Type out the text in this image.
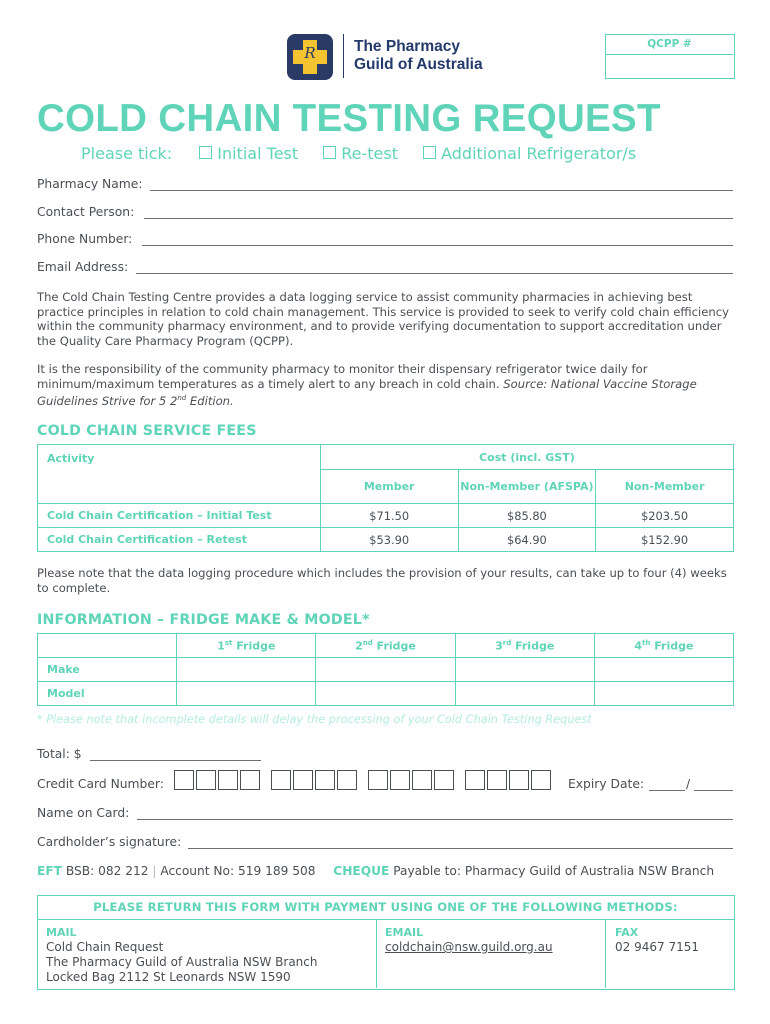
R	The Pharmacy
Guild of Australia
QCPP #
COLD CHAIN TESTING REQUEST
Please tick:	Initial Test	Re-test	Additional Refrigerator/s
Pharmacy Name:
Contact Person:
Phone Number:
Email Address:

The Cold Chain Testing Centre provides a data logging service to assist community pharmacies in achieving best practice principles in relation to cold chain management. This service is provided to seek to verify cold chain efficiency within the community pharmacy environment, and to provide verifying documentation to support accreditation under the Quality Care Pharmacy Program (QCPP).

It is the responsibility of the community pharmacy to monitor their dispensary refrigerator twice daily for minimum/maximum temperatures as a timely alert to any breach in cold chain. Source: National Vaccine Storage Guidelines Strive for 5 2nd Edition.

COLD CHAIN SERVICE FEES
Activity	Cost (incl. GST)		
	Member	Non-Member (AFSPA)	Non-Member
Cold Chain Certification – Initial Test	$71.50	$85.80	$203.50
Cold Chain Certification – Retest	$53.90	$64.90	$152.90

Please note that the data logging procedure which includes the provision of your results, can take up to four (4) weeks to complete.

INFORMATION – FRIDGE MAKE & MODEL*
	1st Fridge	2nd Fridge	3rd Fridge	4th Fridge
Make				
Model				
* Please note that incomplete details will delay the processing of your Cold Chain Testing Request
Total: $
Credit Card Number:	Expiry Date:	/
Name on Card:
Cardholder’s signature:
EFT BSB: 082 212 | Account No: 519 189 508 CHEQUE Payable to: Pharmacy Guild of Australia NSW Branch
PLEASE RETURN THIS FORM WITH PAYMENT USING ONE OF THE FOLLOWING METHODS:
MAIL
Cold Chain Request
The Pharmacy Guild of Australia NSW Branch
Locked Bag 2112 St Leonards NSW 1590
EMAIL
coldchain@nsw.guild.org.au
FAX
02 9467 7151
